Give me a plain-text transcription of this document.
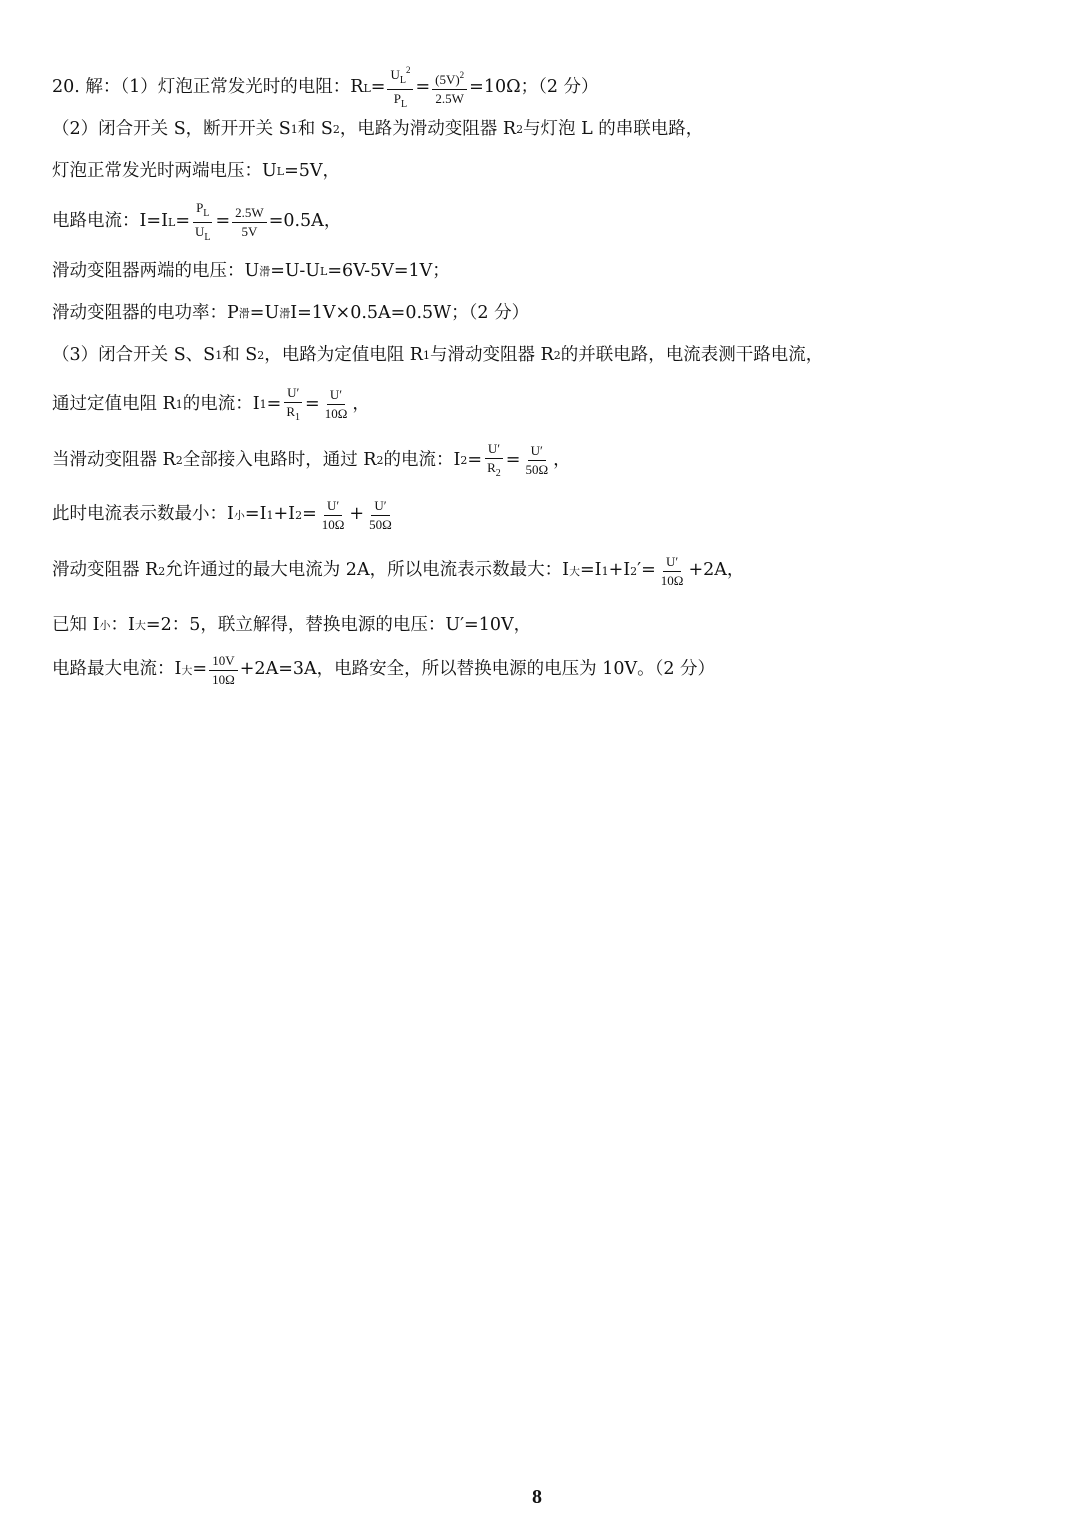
20. 解：（1）灯泡正常发光时的电阻：R $L = \frac{U_L^2}{P_L} = \frac{(5V)^2}{2.5W} =10\Omega$；（2 分）
（2）闭合开关 S，断开开关 S 1 和 S 2 ，电路为滑动变阻器 R 2 与灯泡 L 的串联电路，
灯泡正常发光时两端电压：U L =5V，
电路电流：I=I $L = \frac{P_L}{U_L} = \frac{2.5W}{5V} =0.5A$，
滑动变阻器两端的电压：U 滑 =U-U L =6V-5V=1V；
滑动变阻器的电功率：P 滑 =U 滑 I=1V×0.5A=0.5W；（2 分）
（3）闭合开关 S、S 1 和 S 2 ，电路为定值电阻 R 1 与滑动变阻器 R 2 的并联电路，电流表测干路电流，
通过定值电阻 R 1 的电流：I $1 = \frac{U'}{R_1} = \frac{U'}{10\Omega}$ ，
当滑动变阻器 R 2 全部接入电路时，通过 R 2 的电流：I $2 = \frac{U'}{R_2} = \frac{U'}{50\Omega}$ ，
此时电流表示数最小：I 小 =I 1 +I $2 = \frac{U'}{10\Omega} + \frac{U'}{50\Omega}$
滑动变阻器 R 2 允许通过的最大电流为 2A，所以电流表示数最大：I 大 =I 1 +I 2 ′= $\frac{U'}{10\Omega} +2A$，
已知 I 小 ：I 大 =2：5，联立解得，替换电源的电压：U′=10V，
电路最大电流：I 大 = $\frac{10V}{10\Omega} +2A=3A$，电路安全，所以替换电源的电压为 10V。（2 分）
8
